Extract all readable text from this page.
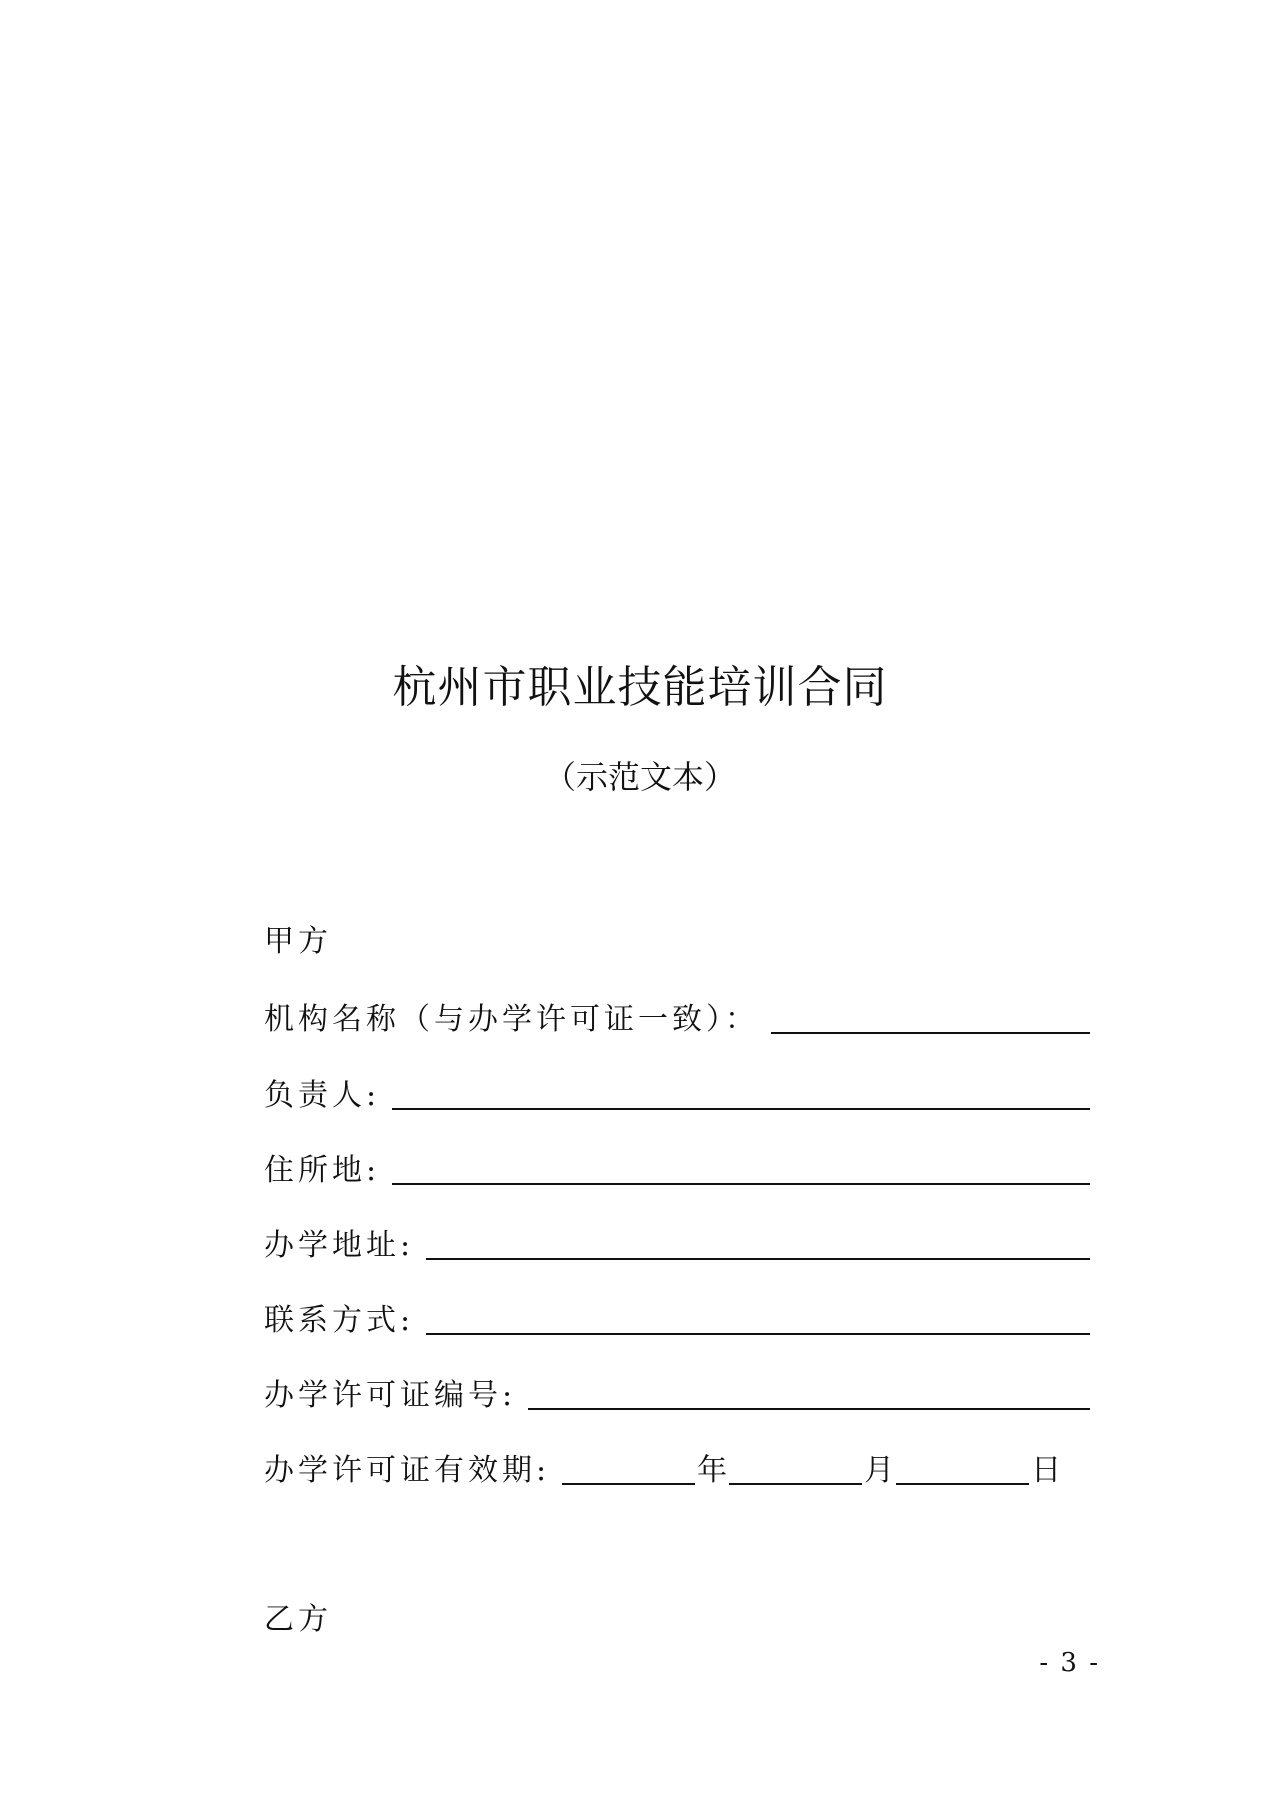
杭州市职业技能培训合同
（示范文本）
甲方
机构名称（与办学许可证一致）：
负责人:
住所地:
办学地址:
联系方式:
办学许可证编号:
办学许可证有效期:	年	月	日
乙方
- 3 -
